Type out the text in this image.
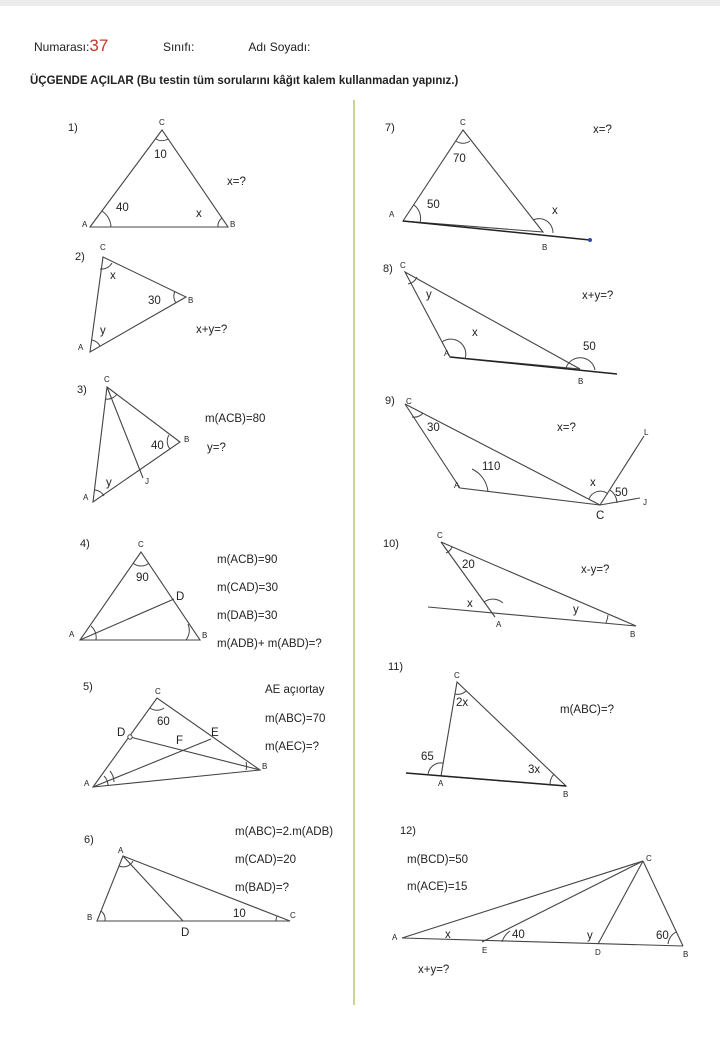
Numarası:37	Sınıfı:	Adı Soyadı:
ÜÇGENDE AÇILAR (Bu testin tüm sorularını kâğıt kalem kullanmadan yapınız.)
1)	C
A	B
10
40	x
x=?
2)
C
B
A
x
30
y	x+y=?
3)
C
B
A
J
40
y
m(ACB)=80
y=?
4)	C
A	B
D
90
m(ACB)=90
m(CAD)=30
m(DAB)=30
m(ADB)+ m(ABD)=?
5)	C
D
F
E
B
A
60
AE açıortay
m(ABC)=70
m(AEC)=?
6)
A
B	C
D
10
m(ABC)=2.m(ADB)
m(CAD)=20
m(BAD)=?
7)	C
A
B
70
50	x
x=?
8) C
A
B
y
x
50
x+y=?
9) C
A
L
J
30
110
x
50
C
x=?
10)
C
A
B
20
x	y
x-y=?
11)
C
A
B
2x
65
3x
m(ABC)=?
12)
C
A
E	D	B
x	40	y	60
m(BCD)=50
m(ACE)=15
x+y=?
